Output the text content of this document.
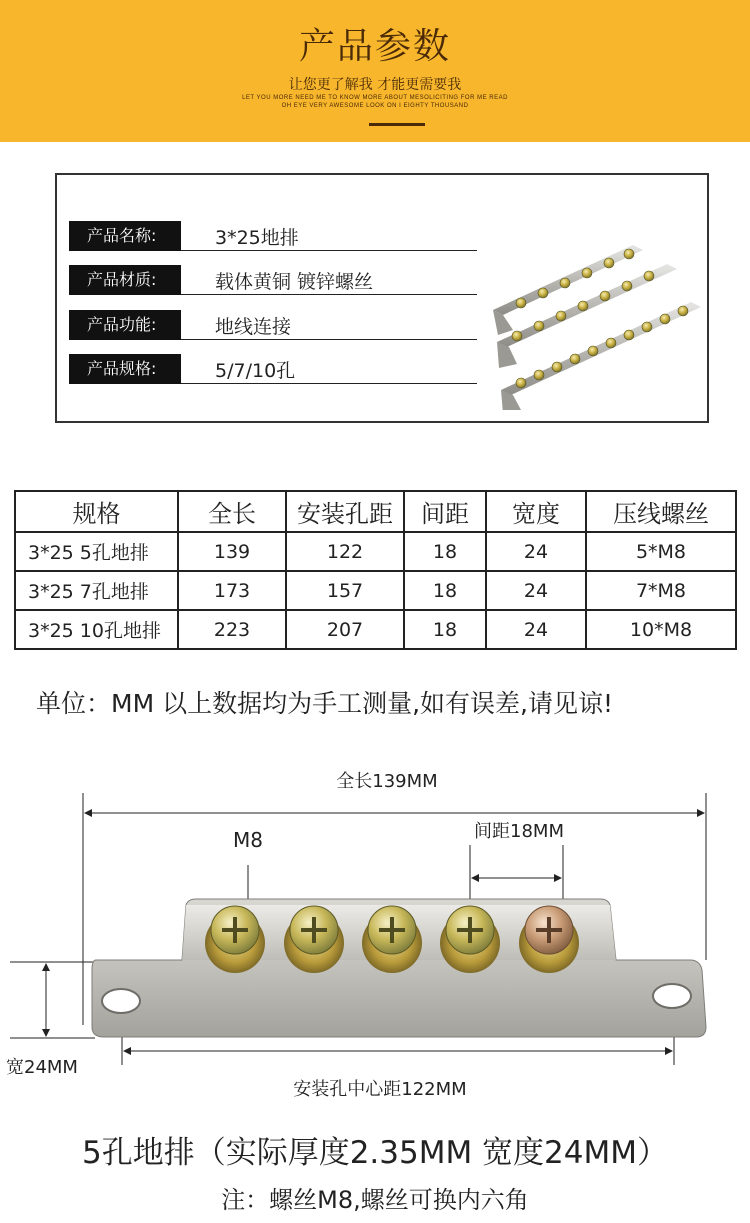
产品参数
让您更了解我 才能更需要我
LET YOU MORE NEED ME TO KNOW MORE ABOUT MESOLICITING FOR ME READ
OH EYE VERY AWESOME LOOK ON I EIGHTY THOUSAND
产品名称:	3*25地排
产品材质:	载体黄铜 镀锌螺丝
产品功能:	地线连接
产品规格:	5/7/10孔
规格	全长	安装孔距	间距	宽度	压线螺丝
3*25 5孔地排	139	122	18	24	5*M8
3*25 7孔地排	173	157	18	24	7*M8
3*25 10孔地排	223	207	18	24	10*M8
单位：MM 以上数据均为手工测量,如有误差,请见谅!
全长139MM
M8	间距18MM
宽24MM
安装孔中心距122MM
5孔地排（实际厚度2.35MM 宽度24MM）
注：螺丝M8,螺丝可换内六角
